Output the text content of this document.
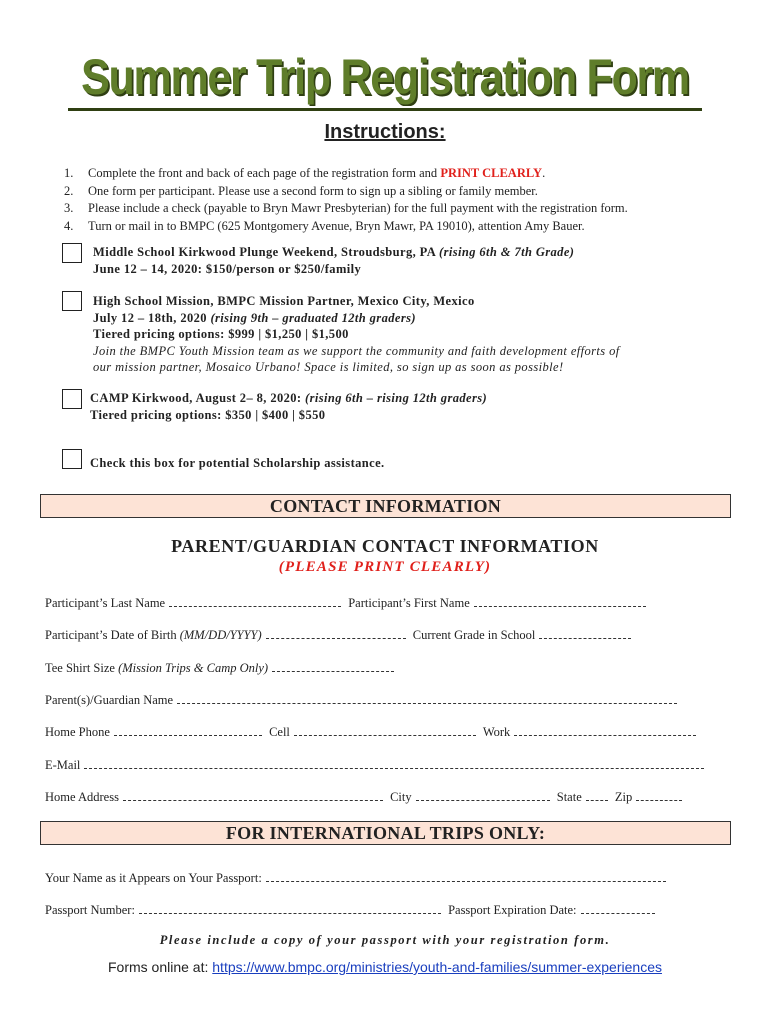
Summer Trip Registration Form
Instructions:
1. Complete the front and back of each page of the registration form and PRINT CLEARLY.
2. One form per participant. Please use a second form to sign up a sibling or family member.
3. Please include a check (payable to Bryn Mawr Presbyterian) for the full payment with the registration form.
4. Turn or mail in to BMPC (625 Montgomery Avenue, Bryn Mawr, PA 19010), attention Amy Bauer.
Middle School Kirkwood Plunge Weekend, Stroudsburg, PA (rising 6th & 7th Grade)
June 12 – 14, 2020: $150/person or $250/family
High School Mission, BMPC Mission Partner, Mexico City, Mexico
July 12 – 18th, 2020 (rising 9th – graduated 12th graders)
Tiered pricing options: $999 | $1,250 | $1,500
Join the BMPC Youth Mission team as we support the community and faith development efforts of
our mission partner, Mosaico Urbano! Space is limited, so sign up as soon as possible!
CAMP Kirkwood, August 2– 8, 2020: (rising 6th – rising 12th graders)
Tiered pricing options: $350 | $400 | $550
Check this box for potential Scholarship assistance.
CONTACT INFORMATION
PARENT/GUARDIAN CONTACT INFORMATION
(PLEASE PRINT CLEARLY)
Participant’s Last Name	Participant’s First Name
Participant’s Date of Birth (MM/DD/YYYY)	Current Grade in School
Tee Shirt Size (Mission Trips & Camp Only)
Parent(s)/Guardian Name
Home Phone	Cell	Work
E-Mail
Home Address	City	State	Zip
FOR INTERNATIONAL TRIPS ONLY:
Your Name as it Appears on Your Passport:
Passport Number:	Passport Expiration Date:
Please include a copy of your passport with your registration form.
Forms online at: https://www.bmpc.org/ministries/youth-and-families/summer-experiences
